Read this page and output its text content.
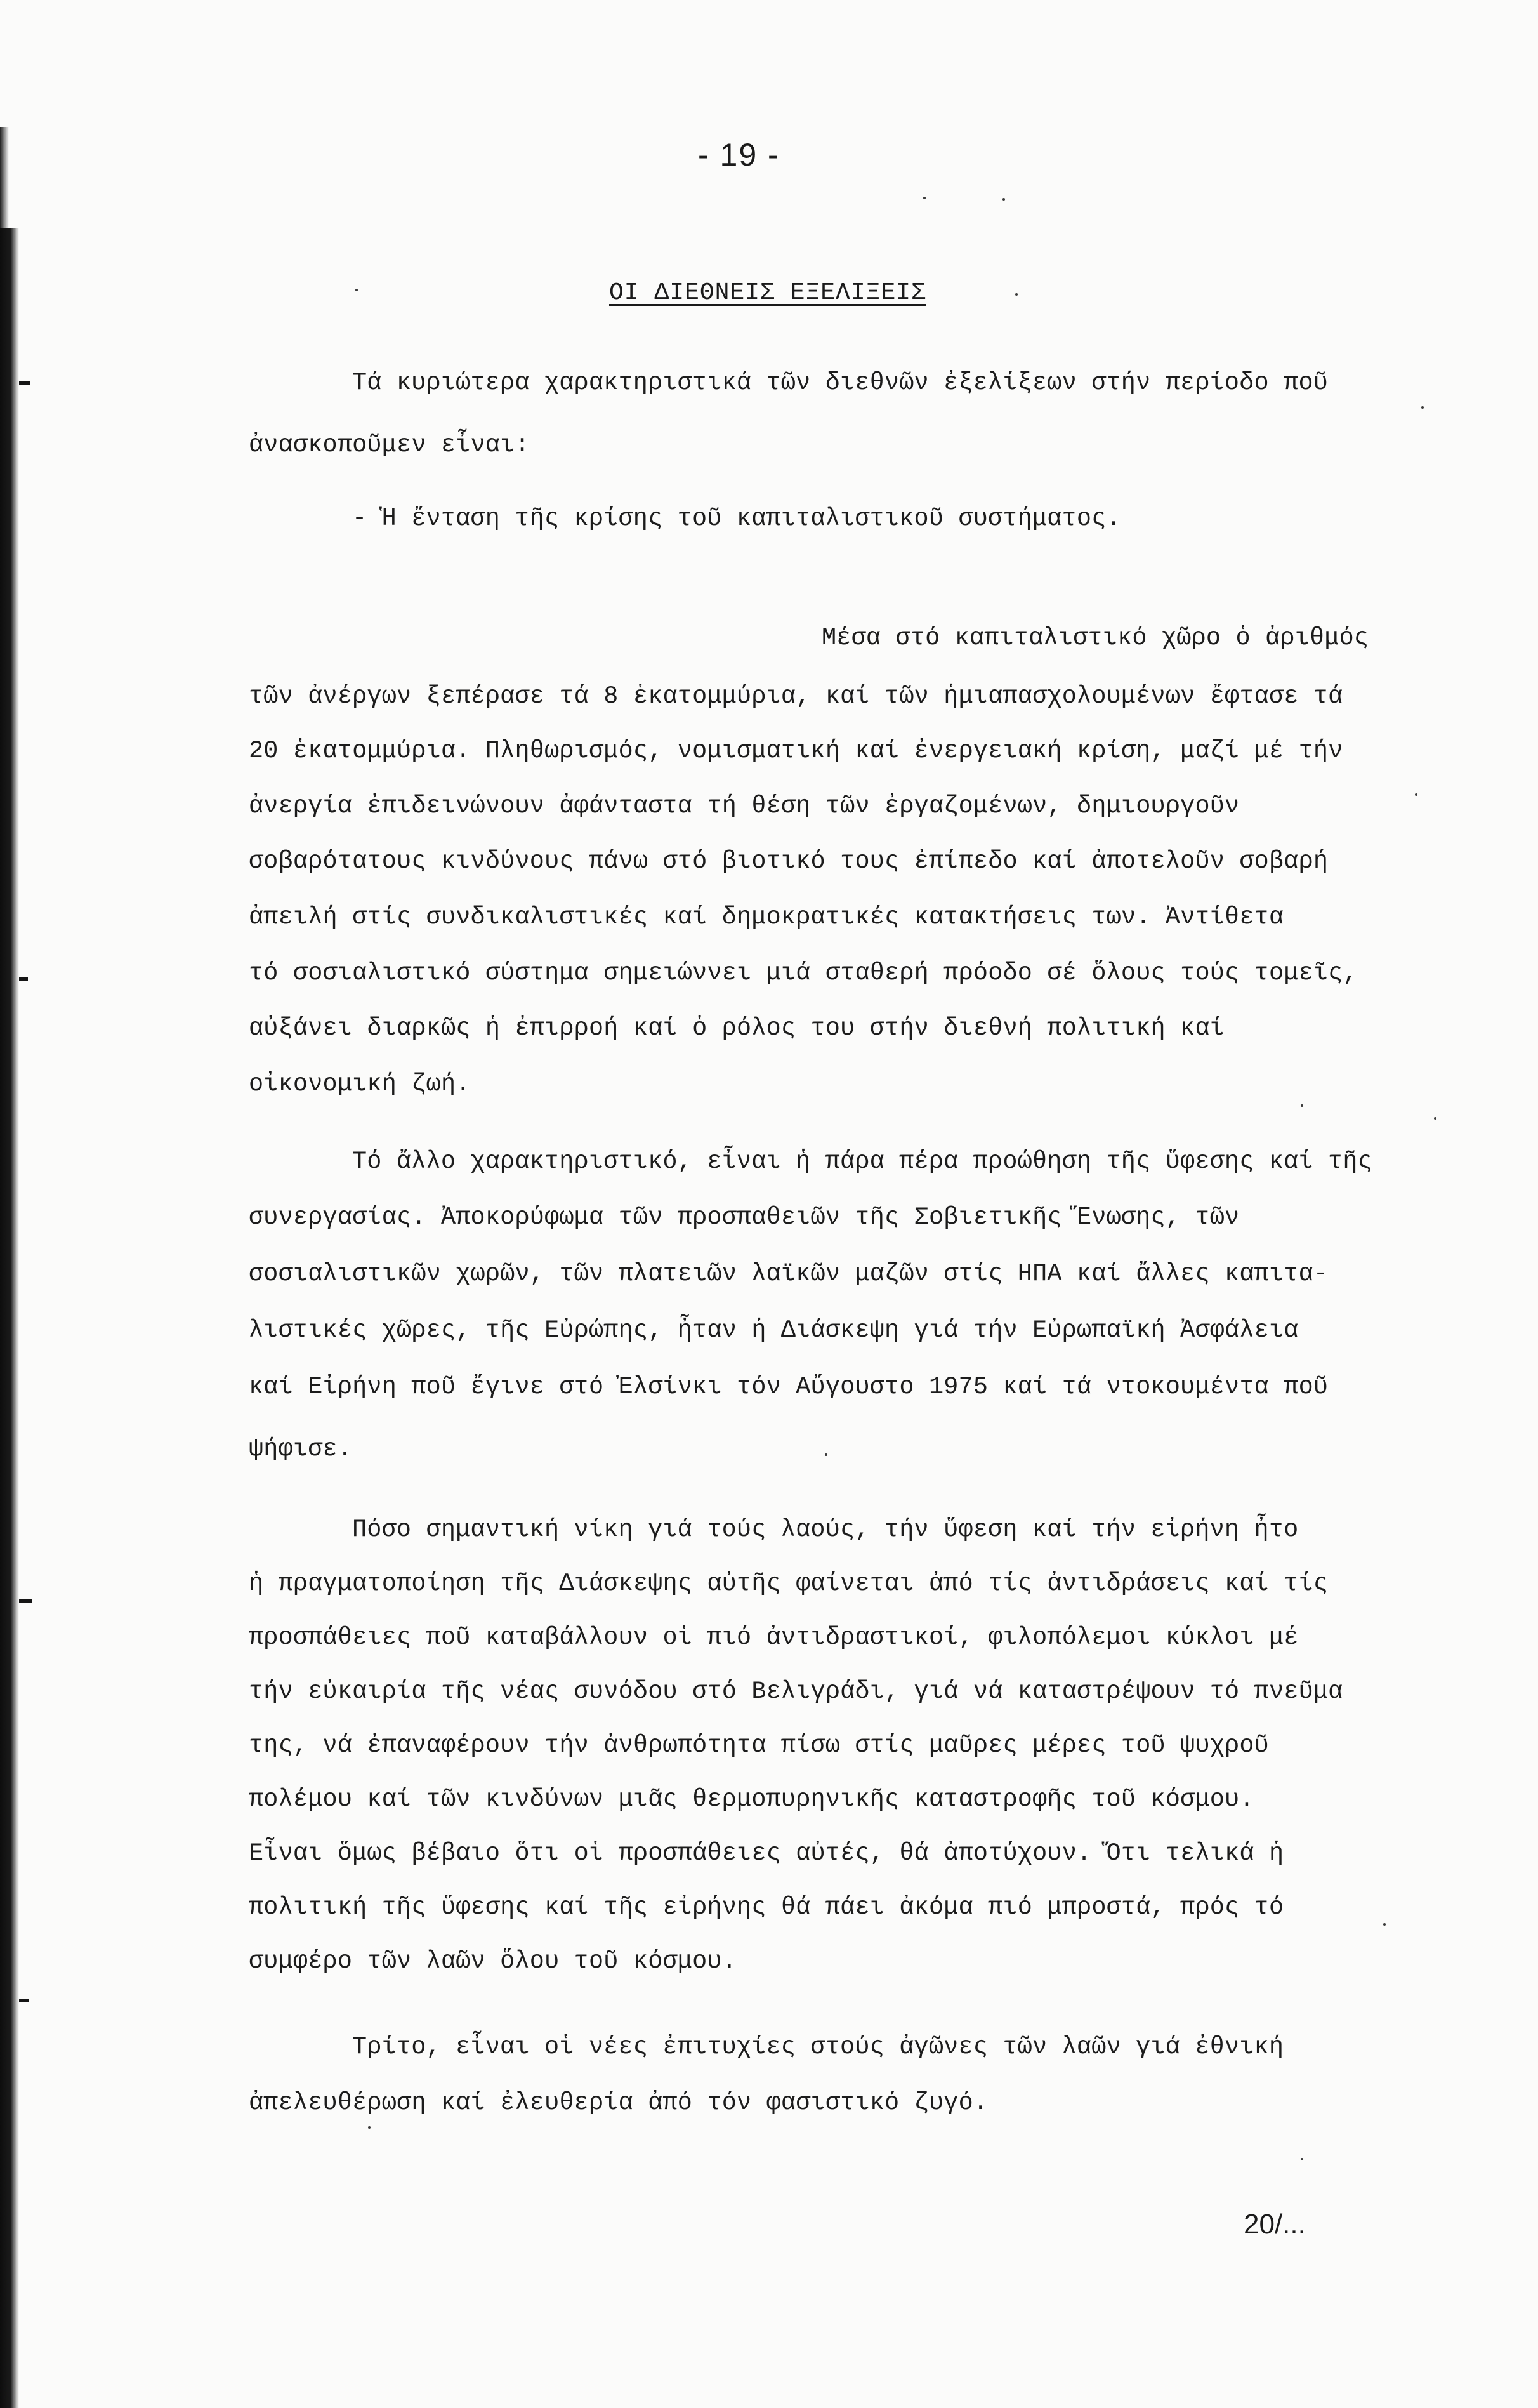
- 19 -
ΟΙ ΔΙΕΘΝΕΙΣ ΕΞΕΛΙΞΕΙΣ
Τά κυριώτερα χαρακτηριστικά τῶν διεθνῶν ἐξελίξεων στήν περίοδο ποῦ
ἀνασκοποῦμεν εἶναι:
- Ἡ ἔνταση τῆς κρίσης τοῦ καπιταλιστικοῦ συστήματος.
Μέσα στό καπιταλιστικό χῶρο ὁ ἀριθμός
τῶν ἀνέργων ξεπέρασε τά 8 ἑκατομμύρια, καί τῶν ἡμιαπασχολουμένων ἔφτασε τά
20 ἑκατομμύρια. Πληθωρισμός, νομισματική καί ἐνεργειακή κρίση, μαζί μέ τήν
ἀνεργία ἐπιδεινώνουν ἀφάνταστα τή θέση τῶν ἐργαζομένων, δημιουργοῦν
σοβαρότατους κινδύνους πάνω στό βιοτικό τους ἐπίπεδο καί ἀποτελοῦν σοβαρή
ἀπειλή στίς συνδικαλιστικές καί δημοκρατικές κατακτήσεις των. Ἀντίθετα
τό σοσιαλιστικό σύστημα σημειώννει μιά σταθερή πρόοδο σέ ὅλους τούς τομεῖς,
αὐξάνει διαρκῶς ἡ ἐπιρροή καί ὁ ρόλος του στήν διεθνή πολιτική καί
οἰκονομική ζωή.
Τό ἄλλο χαρακτηριστικό, εἶναι ἡ πάρα πέρα προώθηση τῆς ὕφεσης καί τῆς
συνεργασίας. Ἀποκορύφωμα τῶν προσπαθειῶν τῆς Σοβιετικῆς Ἕνωσης, τῶν
σοσιαλιστικῶν χωρῶν, τῶν πλατειῶν λαϊκῶν μαζῶν στίς ΗΠΑ καί ἄλλες καπιτα-
λιστικές χῶρες, τῆς Εὐρώπης, ἦταν ἡ Διάσκεψη γιά τήν Εὐρωπαϊκή Ἀσφάλεια
καί Εἰρήνη ποῦ ἔγινε στό Ἐλσίνκι τόν Αὔγουστο 1975 καί τά ντοκουμέντα ποῦ
ψήφισε.
Πόσο σημαντική νίκη γιά τούς λαούς, τήν ὕφεση καί τήν εἰρήνη ἦτο
ἡ πραγματοποίηση τῆς Διάσκεψης αὐτῆς φαίνεται ἀπό τίς ἀντιδράσεις καί τίς
προσπάθειες ποῦ καταβάλλουν οἱ πιό ἀντιδραστικοί, φιλοπόλεμοι κύκλοι μέ
τήν εὐκαιρία τῆς νέας συνόδου στό Βελιγράδι, γιά νά καταστρέψουν τό πνεῦμα
της, νά ἐπαναφέρουν τήν ἀνθρωπότητα πίσω στίς μαῦρες μέρες τοῦ ψυχροῦ
πολέμου καί τῶν κινδύνων μιᾶς θερμοπυρηνικῆς καταστροφῆς τοῦ κόσμου.
Εἶναι ὅμως βέβαιο ὅτι οἱ προσπάθειες αὐτές, θά ἀποτύχουν. Ὅτι τελικά ἡ
πολιτική τῆς ὕφεσης καί τῆς εἰρήνης θά πάει ἀκόμα πιό μπροστά, πρός τό
συμφέρο τῶν λαῶν ὅλου τοῦ κόσμου.
Τρίτο, εἶναι οἱ νέες ἐπιτυχίες στούς ἀγῶνες τῶν λαῶν γιά ἐθνική
ἀπελευθέρωση καί ἐλευθερία ἀπό τόν φασιστικό ζυγό.
20/...
